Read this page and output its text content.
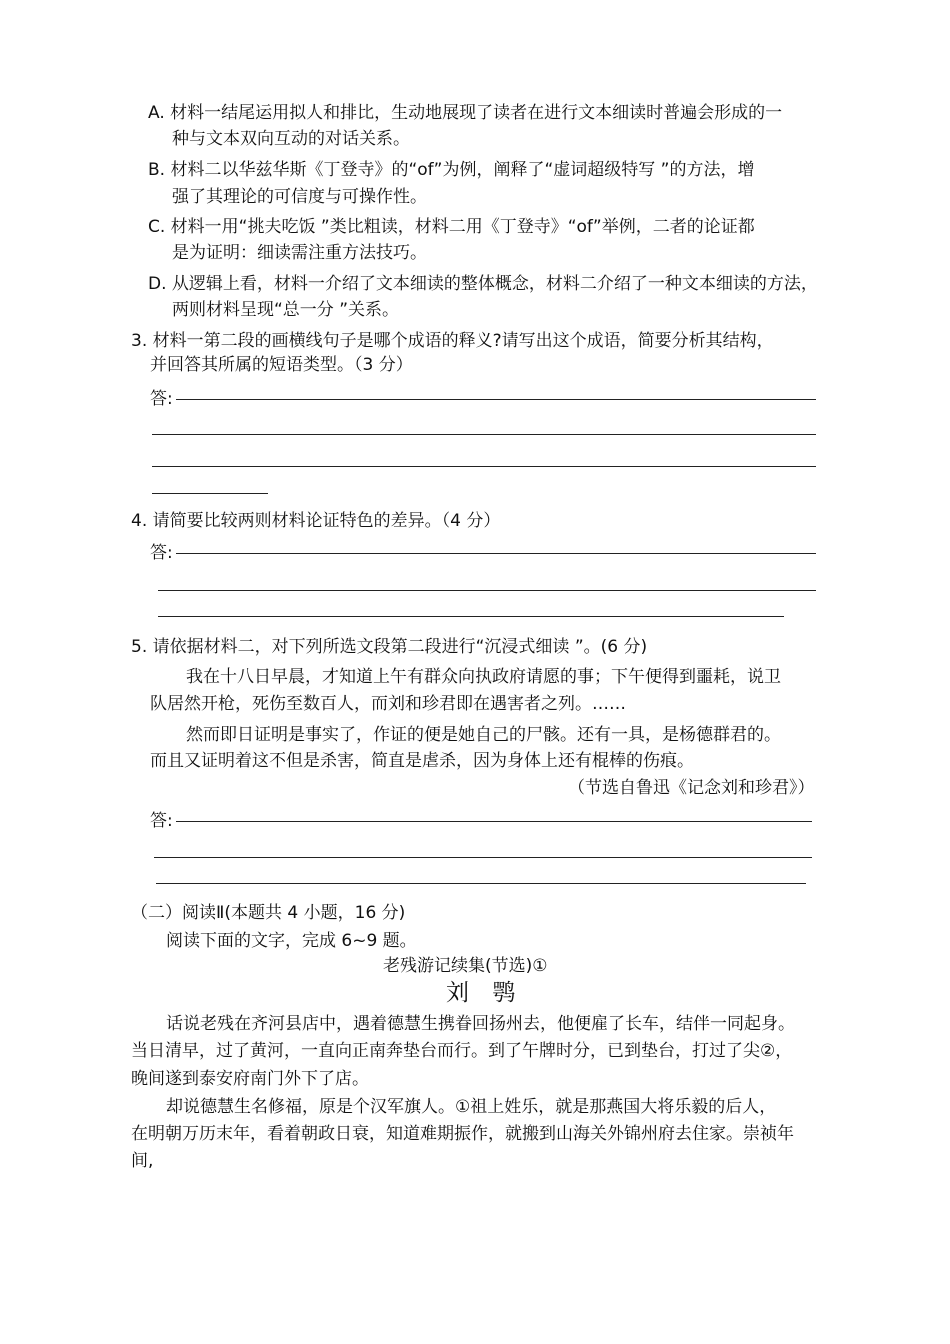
A. 材料一结尾运用拟人和排比，生动地展现了读者在进行文本细读时普遍会形成的一
种与文本双向互动的对话关系。
B. 材料二以华兹华斯《丁登寺》的“of”为例，阐释了“虚词超级特写 ”的方法，增
强了其理论的可信度与可操作性。
C. 材料一用“挑夫吃饭 ”类比粗读，材料二用《丁登寺》“of”举例，二者的论证都
是为证明：细读需注重方法技巧。
D. 从逻辑上看，材料一介绍了文本细读的整体概念，材料二介绍了一种文本细读的方法，
两则材料呈现“总一分 ”关系。
3. 材料一第二段的画横线句子是哪个成语的释义?请写出这个成语，简要分析其结构，
并回答其所属的短语类型。（3 分）
答:
4. 请简要比较两则材料论证特色的差异。（4 分）
答:
5. 请依据材料二，对下列所选文段第二段进行“沉浸式细读 ”。(6 分)
我在十八日早晨，才知道上午有群众向执政府请愿的事；下午便得到噩耗，说卫
队居然开枪，死伤至数百人，而刘和珍君即在遇害者之列。……
然而即日证明是事实了，作证的便是她自己的尸骸。还有一具，是杨德群君的。
而且又证明着这不但是杀害，简直是虐杀，因为身体上还有棍棒的伤痕。
（节选自鲁迅《记念刘和珍君》）
答:
（二）阅读Ⅱ(本题共 4 小题，16 分)
阅读下面的文字，完成 6~9 题。
老残游记续集(节选)①
刘 鹗
话说老残在齐河县店中，遇着德慧生携眷回扬州去，他便雇了长车，结伴一同起身。
当日清早，过了黄河，一直向正南奔垫台而行。到了午牌时分，已到垫台，打过了尖②，
晚间遂到泰安府南门外下了店。
却说德慧生名修福，原是个汉军旗人。①祖上姓乐，就是那燕国大将乐毅的后人，
在明朝万历末年，看着朝政日衰，知道难期振作，就搬到山海关外锦州府去住家。崇祯年
间,
